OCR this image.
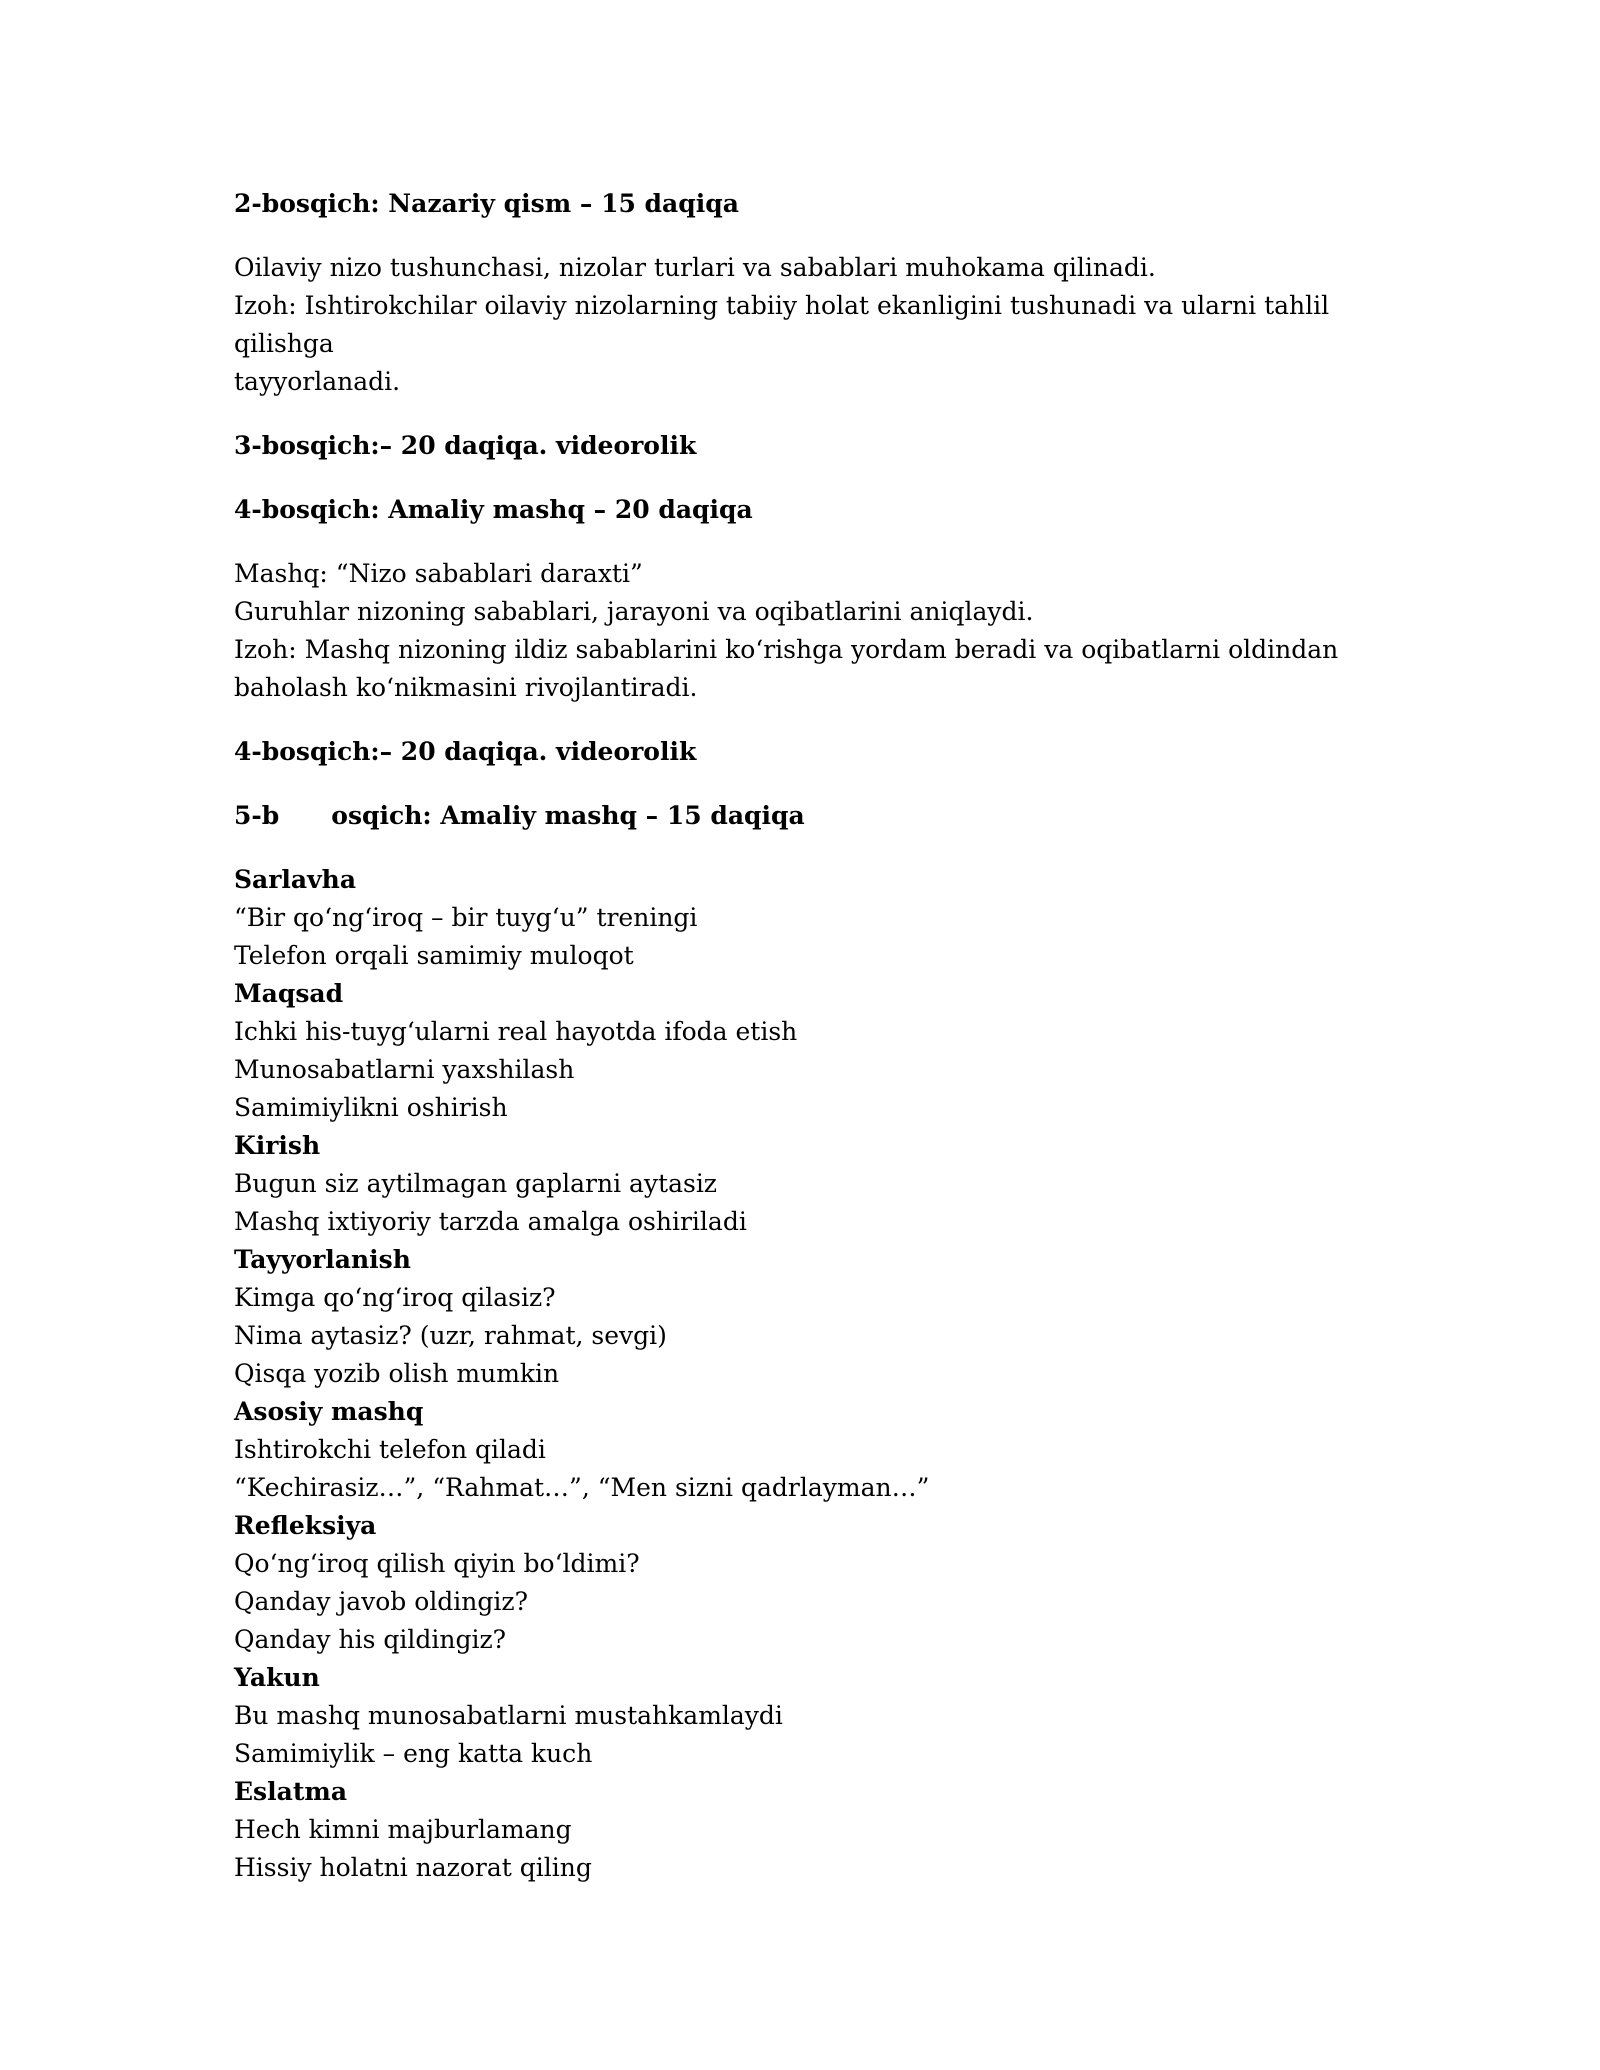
2-bosqich: Nazariy qism – 15 daqiqa

Oilaviy nizo tushunchasi, nizolar turlari va sabablari muhokama qilinadi.
Izoh: Ishtirokchilar oilaviy nizolarning tabiiy holat ekanligini tushunadi va ularni tahlil qilishga
tayyorlanadi.

3-bosqich:– 20 daqiqa. videorolik

4-bosqich: Amaliy mashq – 20 daqiqa

Mashq: “Nizo sabablari daraxti”
Guruhlar nizoning sabablari, jarayoni va oqibatlarini aniqlaydi.
Izoh: Mashq nizoning ildiz sabablarini ko‘rishga yordam beradi va oqibatlarni oldindan
baholash ko‘nikmasini rivojlantiradi.

4-bosqich:– 20 daqiqa. videorolik

5-b osqich: Amaliy mashq – 15 daqiqa

Sarlavha
“Bir qo‘ng‘iroq – bir tuyg‘u” treningi
Telefon orqali samimiy muloqot
Maqsad
Ichki his-tuyg‘ularni real hayotda ifoda etish
Munosabatlarni yaxshilash
Samimiylikni oshirish
Kirish
Bugun siz aytilmagan gaplarni aytasiz
Mashq ixtiyoriy tarzda amalga oshiriladi
Tayyorlanish
Kimga qo‘ng‘iroq qilasiz?
Nima aytasiz? (uzr, rahmat, sevgi)
Qisqa yozib olish mumkin
Asosiy mashq
Ishtirokchi telefon qiladi
“Kechirasiz…”, “Rahmat…”, “Men sizni qadrlayman…”
Refleksiya
Qo‘ng‘iroq qilish qiyin bo‘ldimi?
Qanday javob oldingiz?
Qanday his qildingiz?
Yakun
Bu mashq munosabatlarni mustahkamlaydi
Samimiylik – eng katta kuch
Eslatma
Hech kimni majburlamang
Hissiy holatni nazorat qiling
